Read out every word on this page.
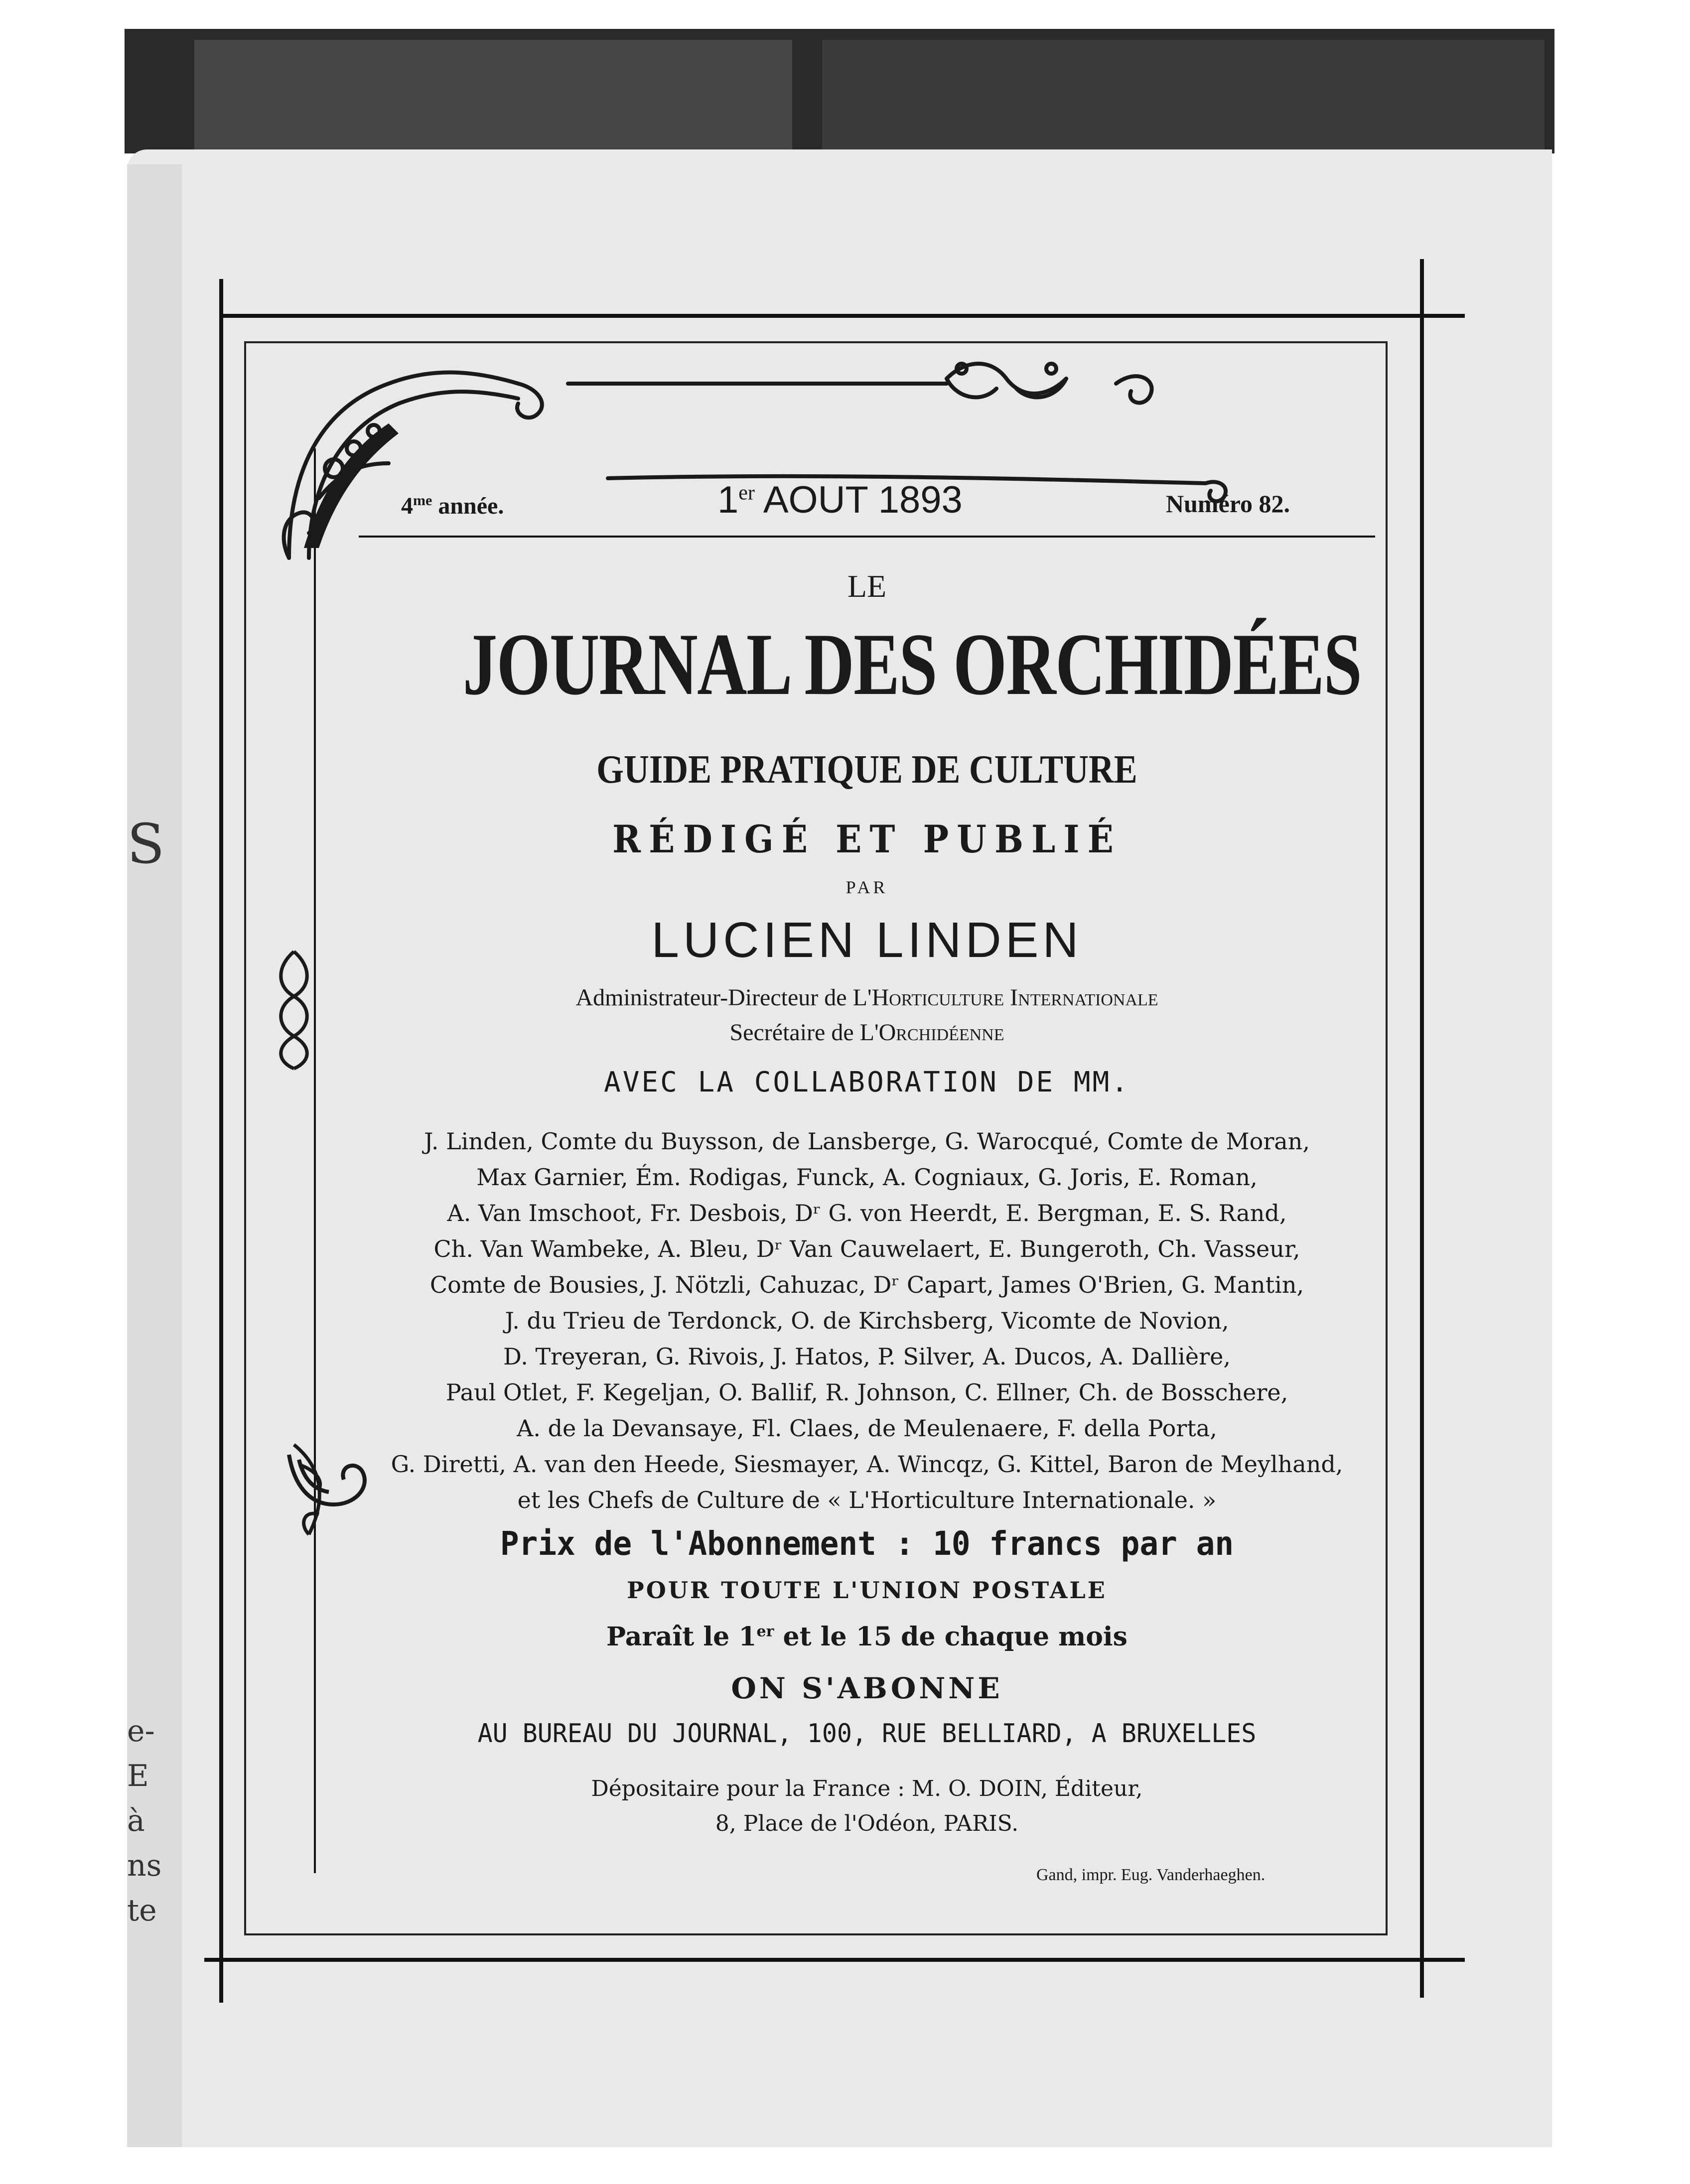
S
e-
E
à
ns
te
$4^{me}$ année.	1er AOUT 1893	Numéro 82.
LE
JOURNAL DES ORCHIDÉES
GUIDE PRATIQUE DE CULTURE
RÉDIGÉ ET PUBLIÉ
PAR
LUCIEN LINDEN
Administrateur-Directeur de L'Horticulture Internationale
Secrétaire de L'Orchidéenne
AVEC LA COLLABORATION DE MM.

J. Linden, Comte du Buysson, de Lansberge, G. Warocqué, Comte de Moran,

Max Garnier, Ém. Rodigas, Funck, A. Cogniaux, G. Joris, E. Roman,

A. Van Imschoot, Fr. Desbois, Dʳ G. von Heerdt, E. Bergman, E. S. Rand,

Ch. Van Wambeke, A. Bleu, Dʳ Van Cauwelaert, E. Bungeroth, Ch. Vasseur,

Comte de Bousies, J. Nötzli, Cahuzac, Dʳ Capart, James O'Brien, G. Mantin,

J. du Trieu de Terdonck, O. de Kirchsberg, Vicomte de Novion,

D. Treyeran, G. Rivois, J. Hatos, P. Silver, A. Ducos, A. Dallière,

Paul Otlet, F. Kegeljan, O. Ballif, R. Johnson, C. Ellner, Ch. de Bosschere,

A. de la Devansaye, Fl. Claes, de Meulenaere, F. della Porta,

G. Diretti, A. van den Heede, Siesmayer, A. Wincqz, G. Kittel, Baron de Meylhand,

et les Chefs de Culture de « L'Horticulture Internationale. »

Prix de l'Abonnement : 10 francs par an
POUR TOUTE L'UNION POSTALE
Paraît le 1er et le 15 de chaque mois
ON S'ABONNE
AU BUREAU DU JOURNAL, 100, RUE BELLIARD, A BRUXELLES
Dépositaire pour la France : M. O. DOIN, Éditeur,
8, Place de l'Odéon, PARIS.
Gand, impr. Eug. Vanderhaeghen.
